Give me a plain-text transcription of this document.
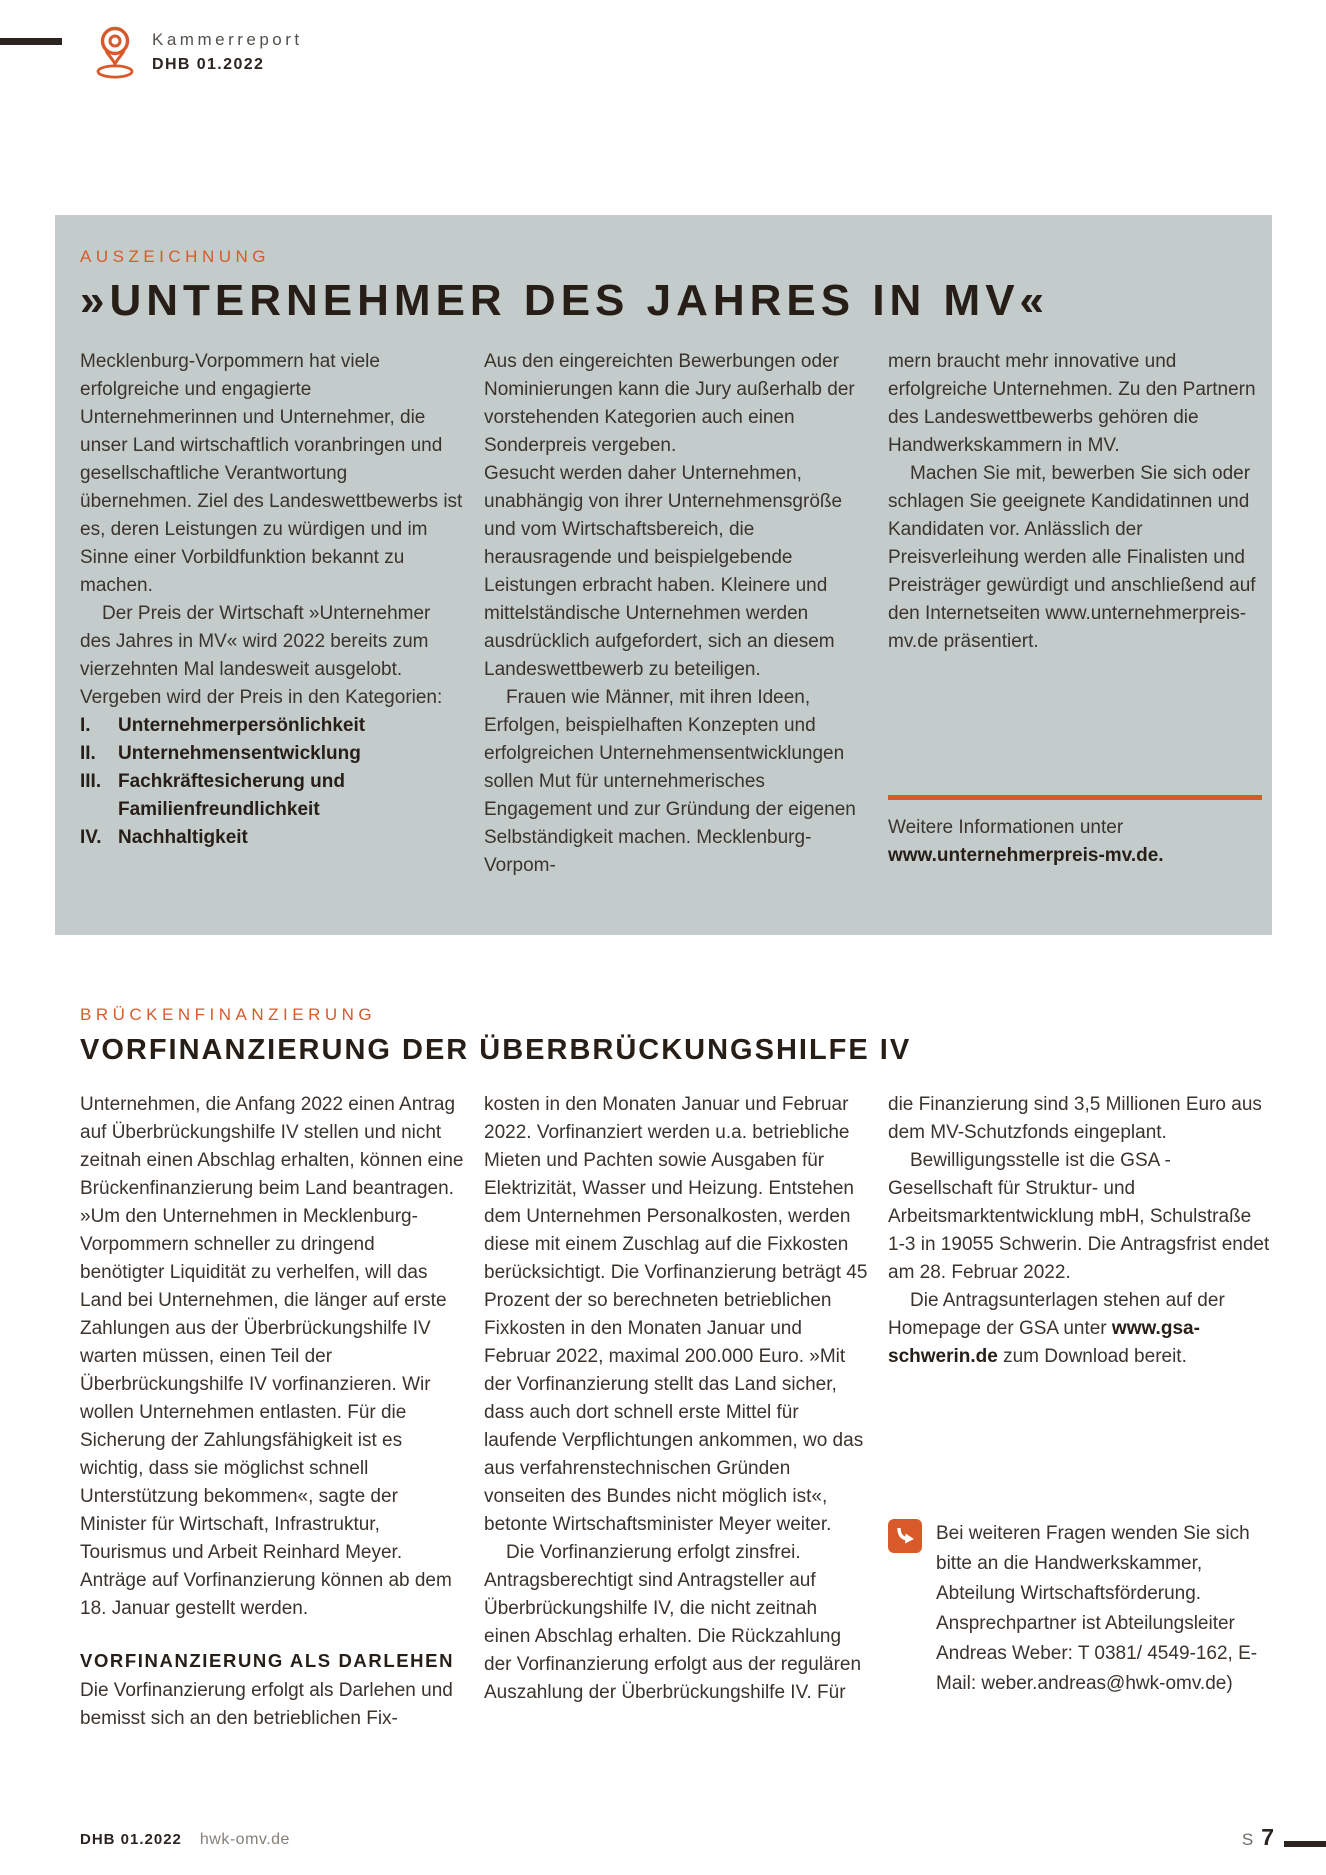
Kammerreport
DHB 01.2022
AUSZEICHNUNG
»UNTERNEHMER DES JAHRES IN MV«

Mecklenburg-Vorpommern hat viele erfolgreiche und engagierte Unternehmerinnen und Unternehmer, die unser Land wirtschaftlich voranbringen und gesellschaftliche Verantwortung übernehmen. Ziel des Landeswettbewerbs ist es, deren Leistungen zu würdigen und im Sinne einer Vorbildfunktion bekannt zu machen.

Der Preis der Wirtschaft »Unternehmer des Jahres in MV« wird 2022 bereits zum vierzehnten Mal landesweit ausgelobt.

Vergeben wird der Preis in den Kategorien:

I.	Unternehmerpersönlichkeit
II.	Unternehmensentwicklung
III. Fachkräftesicherung und Familienfreundlichkeit
IV. Nachhaltigkeit

Aus den eingereichten Bewerbungen oder Nominierungen kann die Jury außerhalb der vorstehenden Kategorien auch einen Sonderpreis vergeben.

Gesucht werden daher Unternehmen, unabhängig von ihrer Unternehmensgröße und vom Wirtschaftsbereich, die herausragende und beispielgebende Leistungen erbracht haben. Kleinere und mittelständische Unternehmen werden ausdrücklich aufgefordert, sich an diesem Landeswettbewerb zu beteiligen.

Frauen wie Männer, mit ihren Ideen, Erfolgen, beispielhaften Konzepten und erfolgreichen Unternehmensentwicklungen sollen Mut für unternehmerisches Engagement und zur Gründung der eigenen Selbständigkeit machen. Mecklenburg-Vorpom-

mern braucht mehr innovative und erfolgreiche Unternehmen. Zu den Partnern des Landeswettbewerbs gehören die Handwerkskammern in MV.

Machen Sie mit, bewerben Sie sich oder schlagen Sie geeignete Kandidatinnen und Kandidaten vor. Anlässlich der Preisverleihung werden alle Finalisten und Preisträger gewürdigt und anschließend auf den Internetseiten www.unternehmerpreis-mv.de präsentiert.

Weitere Informationen unter
www.unternehmerpreis-mv.de.
BRÜCKENFINANZIERUNG
VORFINANZIERUNG DER ÜBERBRÜCKUNGSHILFE IV

Unternehmen, die Anfang 2022 einen Antrag auf Überbrückungshilfe IV stellen und nicht zeitnah einen Abschlag erhalten, können eine Brückenfinanzierung beim Land beantragen. »Um den Unternehmen in Mecklenburg-Vorpommern schneller zu dringend benötigter Liquidität zu verhelfen, will das Land bei Unternehmen, die länger auf erste Zahlungen aus der Überbrückungshilfe IV warten müssen, einen Teil der Überbrückungshilfe IV vorfinanzieren. Wir wollen Unternehmen entlasten. Für die Sicherung der Zahlungsfähigkeit ist es wichtig, dass sie möglichst schnell Unterstützung bekommen«, sagte der Minister für Wirtschaft, Infrastruktur, Tourismus und Arbeit Reinhard Meyer. Anträge auf Vorfinanzierung können ab dem 18. Januar gestellt werden.

VORFINANZIERUNG ALS DARLEHEN

Die Vorfinanzierung erfolgt als Darlehen und bemisst sich an den betrieblichen Fix-

kosten in den Monaten Januar und Februar 2022. Vorfinanziert werden u.a. betriebliche Mieten und Pachten sowie Ausgaben für Elektrizität, Wasser und Heizung. Entstehen dem Unternehmen Personalkosten, werden diese mit einem Zuschlag auf die Fixkosten berücksichtigt. Die Vorfinanzierung beträgt 45 Prozent der so berechneten betrieblichen Fixkosten in den Monaten Januar und Februar 2022, maximal 200.000 Euro. »Mit der Vorfinanzierung stellt das Land sicher, dass auch dort schnell erste Mittel für laufende Verpflichtungen ankommen, wo das aus verfahrenstechnischen Gründen vonseiten des Bundes nicht möglich ist«, betonte Wirtschaftsminister Meyer weiter.

Die Vorfinanzierung erfolgt zinsfrei. Antragsberechtigt sind Antragsteller auf Überbrückungshilfe IV, die nicht zeitnah einen Abschlag erhalten. Die Rückzahlung der Vorfinanzierung erfolgt aus der regulären Auszahlung der Überbrückungshilfe IV. Für

die Finanzierung sind 3,5 Millionen Euro aus dem MV-Schutzfonds eingeplant.

Bewilligungsstelle ist die GSA - Gesellschaft für Struktur- und Arbeitsmarktentwicklung mbH, Schulstraße 1-3 in 19055 Schwerin. Die Antragsfrist endet am 28. Februar 2022.

Die Antragsunterlagen stehen auf der Homepage der GSA unter www.gsa-schwerin.de zum Download bereit.

Bei weiteren Fragen wenden Sie sich bitte an die Handwerkskammer, Abteilung Wirtschaftsförderung. Ansprechpartner ist Abteilungsleiter Andreas Weber: T 0381/ 4549-162, E-Mail: weber.andreas@hwk-omv.de)
DHB 01.2022 hwk-omv.de	S 7
